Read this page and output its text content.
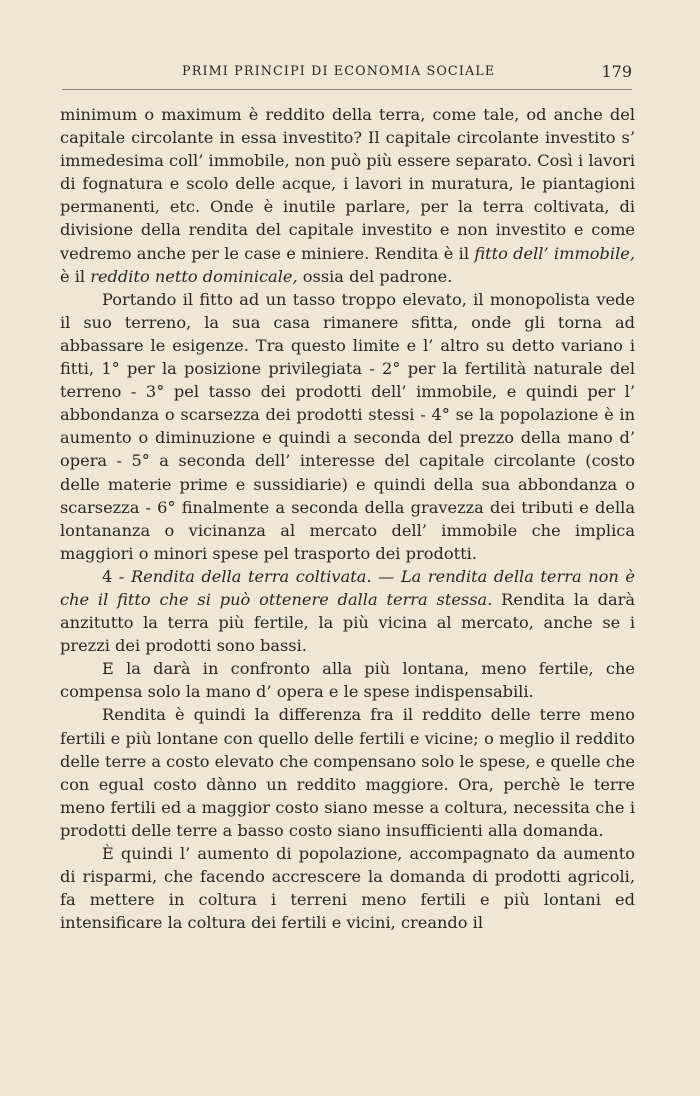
PRIMI PRINCIPI DI ECONOMIA SOCIALE	179

minimum o maximum è reddito della terra, come tale, od anche del capitale circolante in essa investito? Il capitale circolante investito s’ immedesima coll’ immobile, non può più essere separato. Così i lavori di fognatura e scolo delle acque, i lavori in muratura, le piantagioni permanenti, etc. Onde è inutile parlare, per la terra coltivata, di divisione della rendita del capitale investito e non investito e come vedremo anche per le case e miniere. Rendita è il fitto dell’ immobile, è il reddito netto dominicale, ossia del padrone.

Portando il fitto ad un tasso troppo elevato, il monopolista vede il suo terreno, la sua casa rimanere sfitta, onde gli torna ad abbassare le esigenze. Tra questo limite e l’ altro su detto variano i fitti, 1° per la posizione privilegiata - 2° per la fertilità naturale del terreno - 3° pel tasso dei prodotti dell’ immobile, e quindi per l’ abbondanza o scarsezza dei prodotti stessi - 4° se la popolazione è in aumento o diminuzione e quindi a seconda del prezzo della mano d’ opera - 5° a seconda dell’ interesse del capitale circolante (costo delle materie prime e sussidiarie) e quindi della sua abbondanza o scarsezza - 6° finalmente a seconda della gravezza dei tributi e della lontananza o vicinanza al mercato dell’ immobile che implica maggiori o minori spese pel trasporto dei prodotti.

4 - Rendita della terra coltivata. — La rendita della terra non è che il fitto che si può ottenere dalla terra stessa. Rendita la darà anzitutto la terra più fertile, la più vicina al mercato, anche se i prezzi dei prodotti sono bassi.

E la darà in confronto alla più lontana, meno fertile, che compensa solo la mano d’ opera e le spese indispensabili.

Rendita è quindi la differenza fra il reddito delle terre meno fertili e più lontane con quello delle fertili e vicine; o meglio il reddito delle terre a costo elevato che compensano solo le spese, e quelle che con egual costo dànno un reddito maggiore. Ora, perchè le terre meno fertili ed a maggior costo siano messe a coltura, necessita che i prodotti delle terre a basso costo siano insufficienti alla domanda.

È quindi l’ aumento di popolazione, accompagnato da aumento di risparmi, che facendo accrescere la domanda di prodotti agricoli, fa mettere in coltura i terreni meno fertili e più lontani ed intensificare la coltura dei fertili e vicini, creando il
